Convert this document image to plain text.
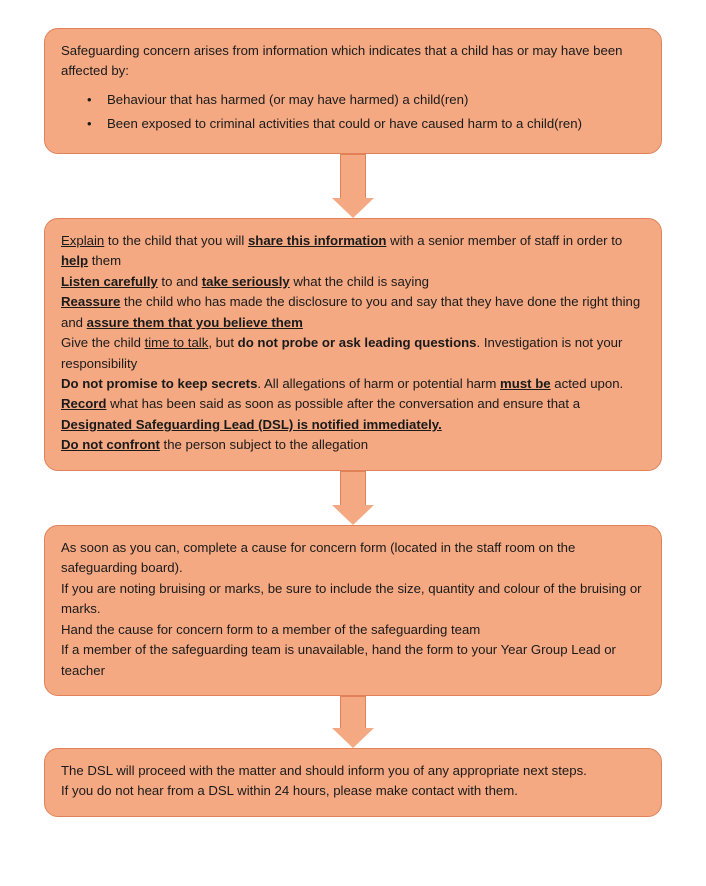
Safeguarding concern arises from information which indicates that a child has or may have been affected by:

• Behaviour that has harmed (or may have harmed) a child(ren)
• Been exposed to criminal activities that could or have caused harm to a child(ren)

Explain to the child that you will share this information with a senior member of staff in order to help them

Listen carefully to and take seriously what the child is saying

Reassure the child who has made the disclosure to you and say that they have done the right thing and assure them that you believe them

Give the child time to talk, but do not probe or ask leading questions. Investigation is not your responsibility

Do not promise to keep secrets. All allegations of harm or potential harm must be acted upon.

Record what has been said as soon as possible after the conversation and ensure that a Designated Safeguarding Lead (DSL) is notified immediately.

Do not confront the person subject to the allegation

As soon as you can, complete a cause for concern form (located in the staff room on the safeguarding board).

If you are noting bruising or marks, be sure to include the size, quantity and colour of the bruising or marks.

Hand the cause for concern form to a member of the safeguarding team

If a member of the safeguarding team is unavailable, hand the form to your Year Group Lead or teacher

The DSL will proceed with the matter and should inform you of any appropriate next steps.

If you do not hear from a DSL within 24 hours, please make contact with them.
